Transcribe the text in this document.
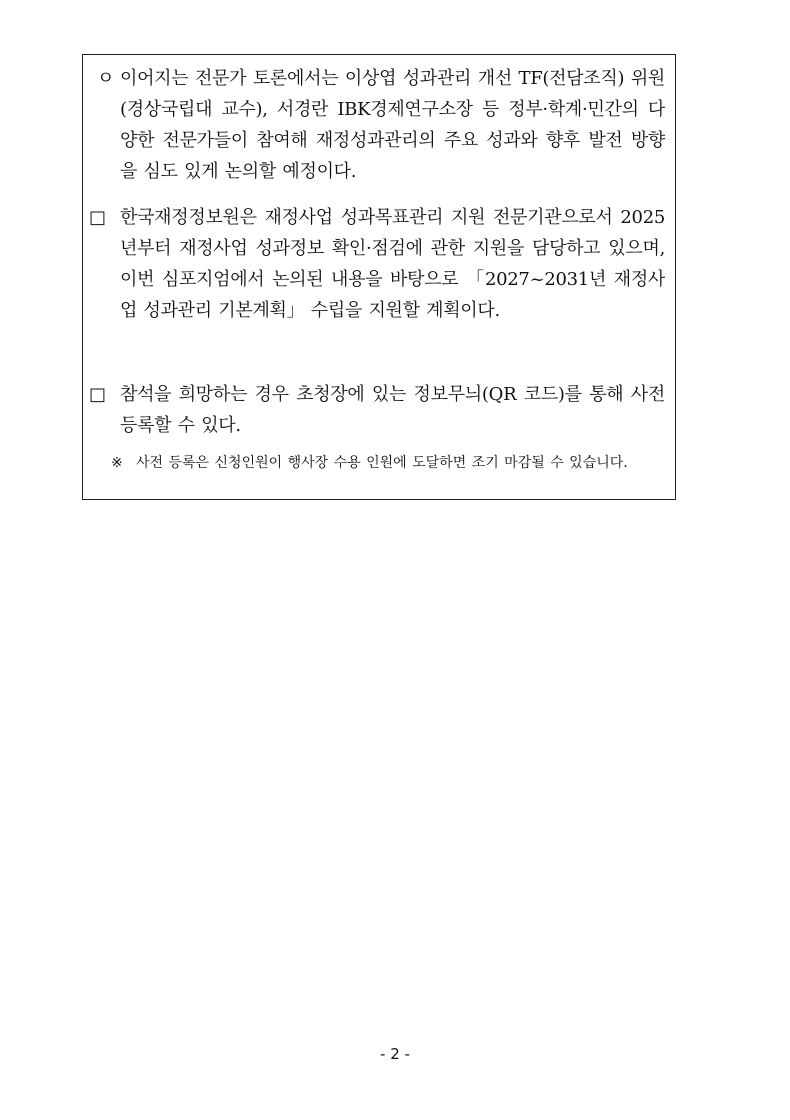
ㅇ 이어지는 전문가 토론에서는 이상엽 성과관리 개선 TF(전담조직) 위원(경상국립대 교수), 서경란 IBK경제연구소장 등 정부·학계·민간의 다양한 전문가들이 참여해 재정성과관리의 주요 성과와 향후 발전 방향을 심도 있게 논의할 예정이다.
□ 한국재정정보원은 재정사업 성과목표관리 지원 전문기관으로서 2025년부터 재정사업 성과정보 확인·점검에 관한 지원을 담당하고 있으며, 이번 심포지엄에서 논의된 내용을 바탕으로 「2027~2031년 재정사업 성과관리 기본계획」 수립을 지원할 계획이다.
□ 참석을 희망하는 경우 초청장에 있는 정보무늬(QR 코드)를 통해 사전 등록할 수 있다.
※ 사전 등록은 신청인원이 행사장 수용 인원에 도달하면 조기 마감될 수 있습니다.
- 2 -
